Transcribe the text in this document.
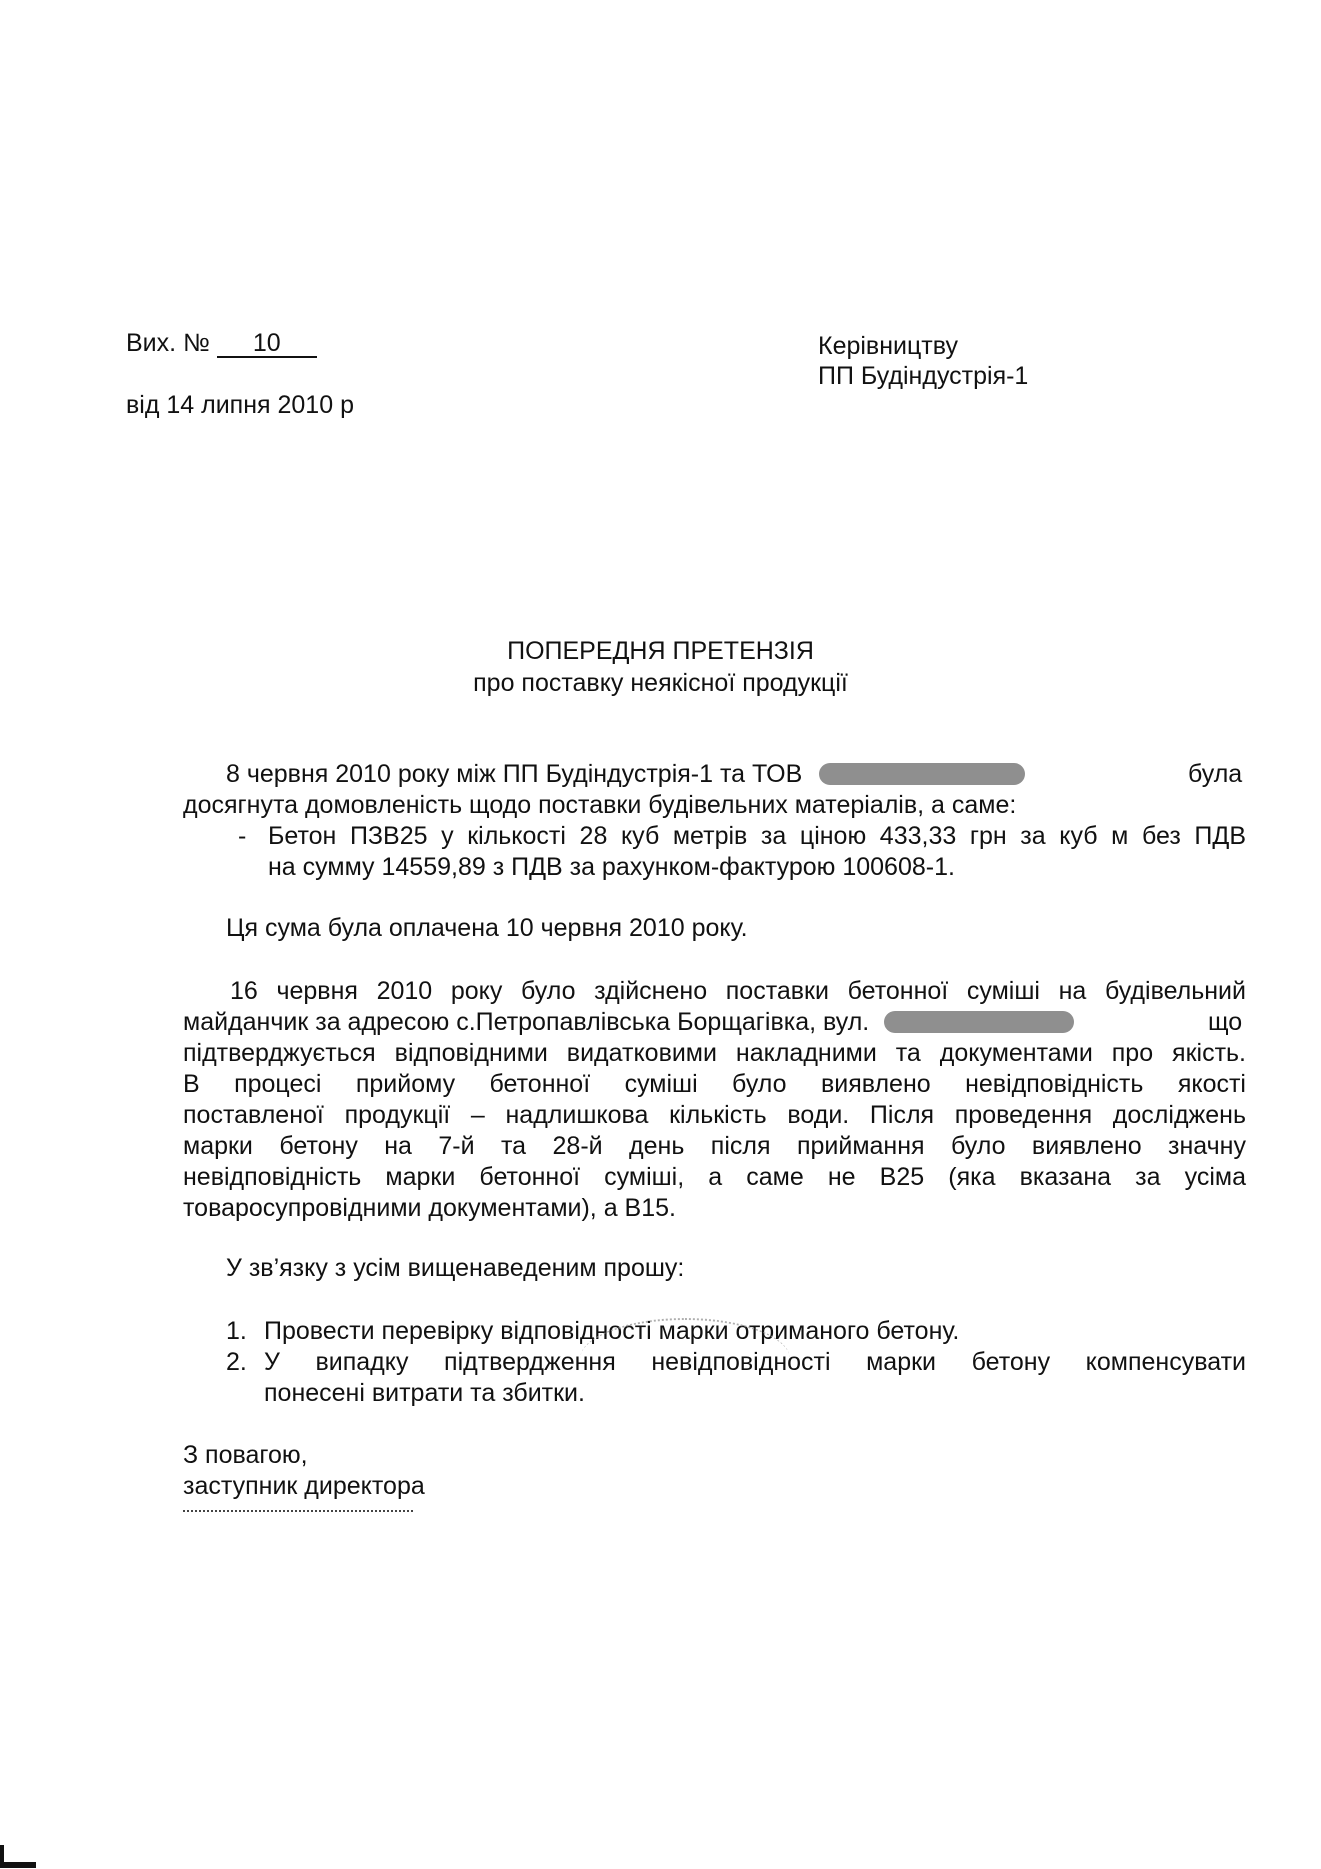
Вих. № 10
від 14 липня 2010 р
Керівництву
ПП Будіндустрія-1
ПОПЕРЕДНЯ ПРЕТЕНЗІЯ
про поставку неякісної продукції
8 червня 2010 року між ПП Будіндустрія-1 та ТОВ	була
досягнута домовленість щодо поставки будівельних матеріалів, а саме:
- Бетон ПЗВ25 у кількості 28 куб метрів за ціною 433,33 грн за куб м без ПДВ
на сумму 14559,89 з ПДВ за рахунком-фактурою 100608-1.
Ця сума була оплачена 10 червня 2010 року.
16 червня 2010 року було здійснено поставки бетонної суміші на будівельний
майданчик за адресою с.Петропавлівська Борщагівка, вул.	що
підтверджується відповідними видатковими накладними та документами про якість.
В процесі прийому бетонної суміші було виявлено невідповідність якості
поставленої продукції – надлишкова кількість води. Після проведення досліджень
марки бетону на 7-й та 28-й день після приймання було виявлено значну
невідповідність марки бетонної суміші, а саме не В25 (яка вказана за усіма
товаросупровідними документами), а В15.
У зв’язку з усім вищенаведеним прошу:
1. Провести перевірку відповідності марки отриманого бетону.
2. У випадку підтвердження невідповідності марки бетону компенсувати
понесені витрати та збитки.
З повагою,
заступник директора
